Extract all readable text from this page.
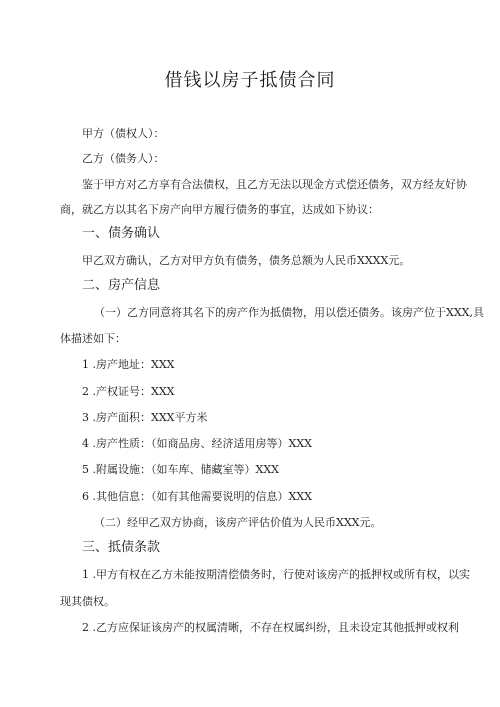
借钱以房子抵债合同
甲方（债权人）：
乙方（债务人）：
鉴于甲方对乙方享有合法债权，且乙方无法以现金方式偿还债务，双方经友好协
商，就乙方以其名下房产向甲方履行债务的事宜，达成如下协议：
一、债务确认
甲乙双方确认，乙方对甲方负有债务，债务总额为人民币XXXX元。
二、房产信息
（一）乙方同意将其名下的房产作为抵债物，用以偿还债务。该房产位于XXX,具
体描述如下：
1 .房产地址：XXX
2 .产权证号：XXX
3 .房产面积：XXX平方米
4 .房产性质：（如商品房、经济适用房等）XXX
5 .附属设施：（如车库、储藏室等）XXX
6 .其他信息：（如有其他需要说明的信息）XXX
（二）经甲乙双方协商，该房产评估价值为人民币XXX元。
三、抵债条款
1 .甲方有权在乙方未能按期清偿债务时，行使对该房产的抵押权或所有权，以实
现其债权。
2 .乙方应保证该房产的权属清晰，不存在权属纠纷，且未设定其他抵押或权利
